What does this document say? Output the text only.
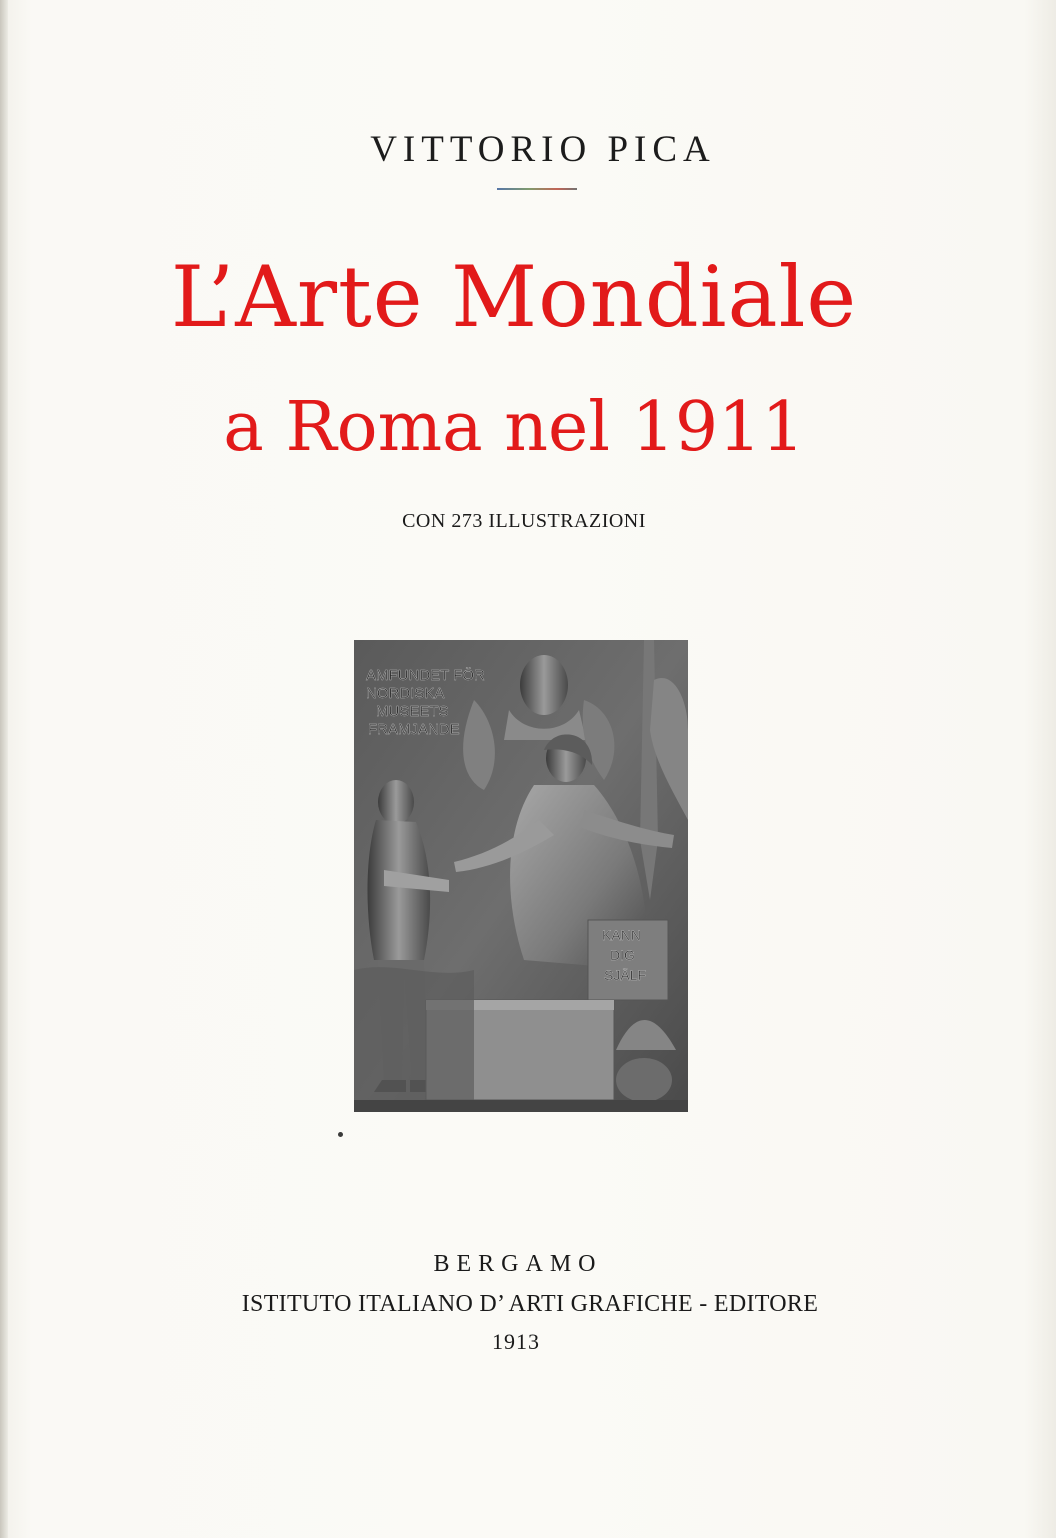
VITTORIO PICA
L’Arte Mondiale
a Roma nel 1911
CON 273 ILLUSTRAZIONI
AMFUNDET FÖR
NORDISKA
MUSEETS
FRAMJANDE
KANN
DIG
SJÄLF
BERGAMO
ISTITUTO ITALIANO D’ ARTI GRAFICHE - EDITORE
1913
